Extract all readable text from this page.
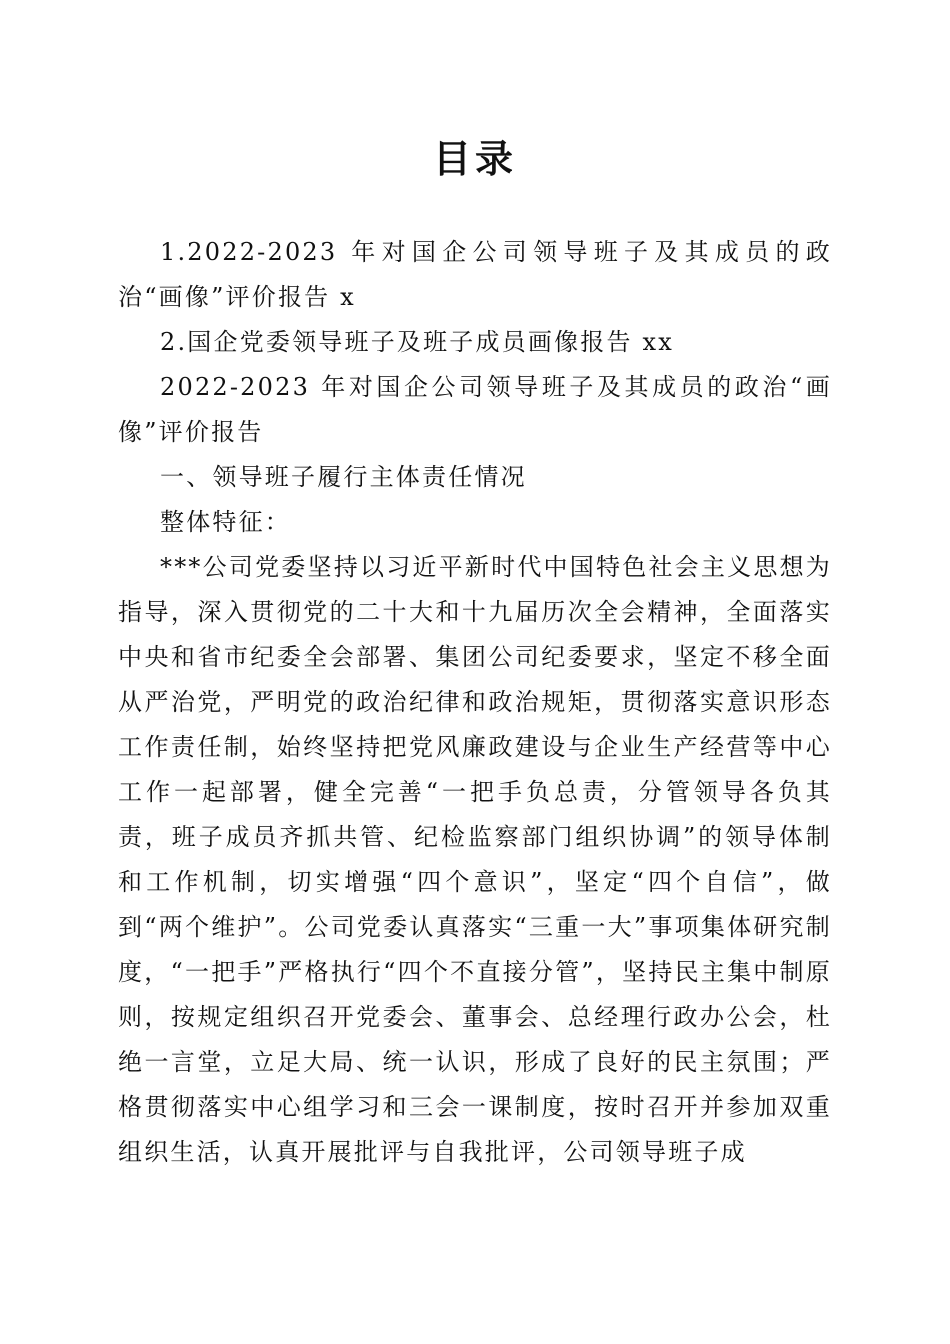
目录

1.2022-2023 年对国企公司领导班子及其成员的政治“画像”评价报告 x

2.国企党委领导班子及班子成员画像报告 xx

2022-2023 年对国企公司领导班子及其成员的政治“画像”评价报告

一、领导班子履行主体责任情况

整体特征：

***公司党委坚持以习近平新时代中国特色社会主义思想为指导，深入贯彻党的二十大和十九届历次全会精神，全面落实中央和省市纪委全会部署、集团公司纪委要求，坚定不移全面从严治党，严明党的政治纪律和政治规矩，贯彻落实意识形态工作责任制，始终坚持把党风廉政建设与企业生产经营等中心工作一起部署，健全完善“一把手负总责，分管领导各负其责，班子成员齐抓共管、纪检监察部门组织协调”的领导体制和工作机制，切实增强“四个意识”，坚定“四个自信”，做到“两个维护”。公司党委认真落实“三重一大”事项集体研究制度，“一把手”严格执行“四个不直接分管”，坚持民主集中制原则，按规定组织召开党委会、董事会、总经理行政办公会，杜绝一言堂，立足大局、统一认识，形成了良好的民主氛围；严格贯彻落实中心组学习和三会一课制度，按时召开并参加双重组织生活，认真开展批评与自我批评，公司领导班子成
